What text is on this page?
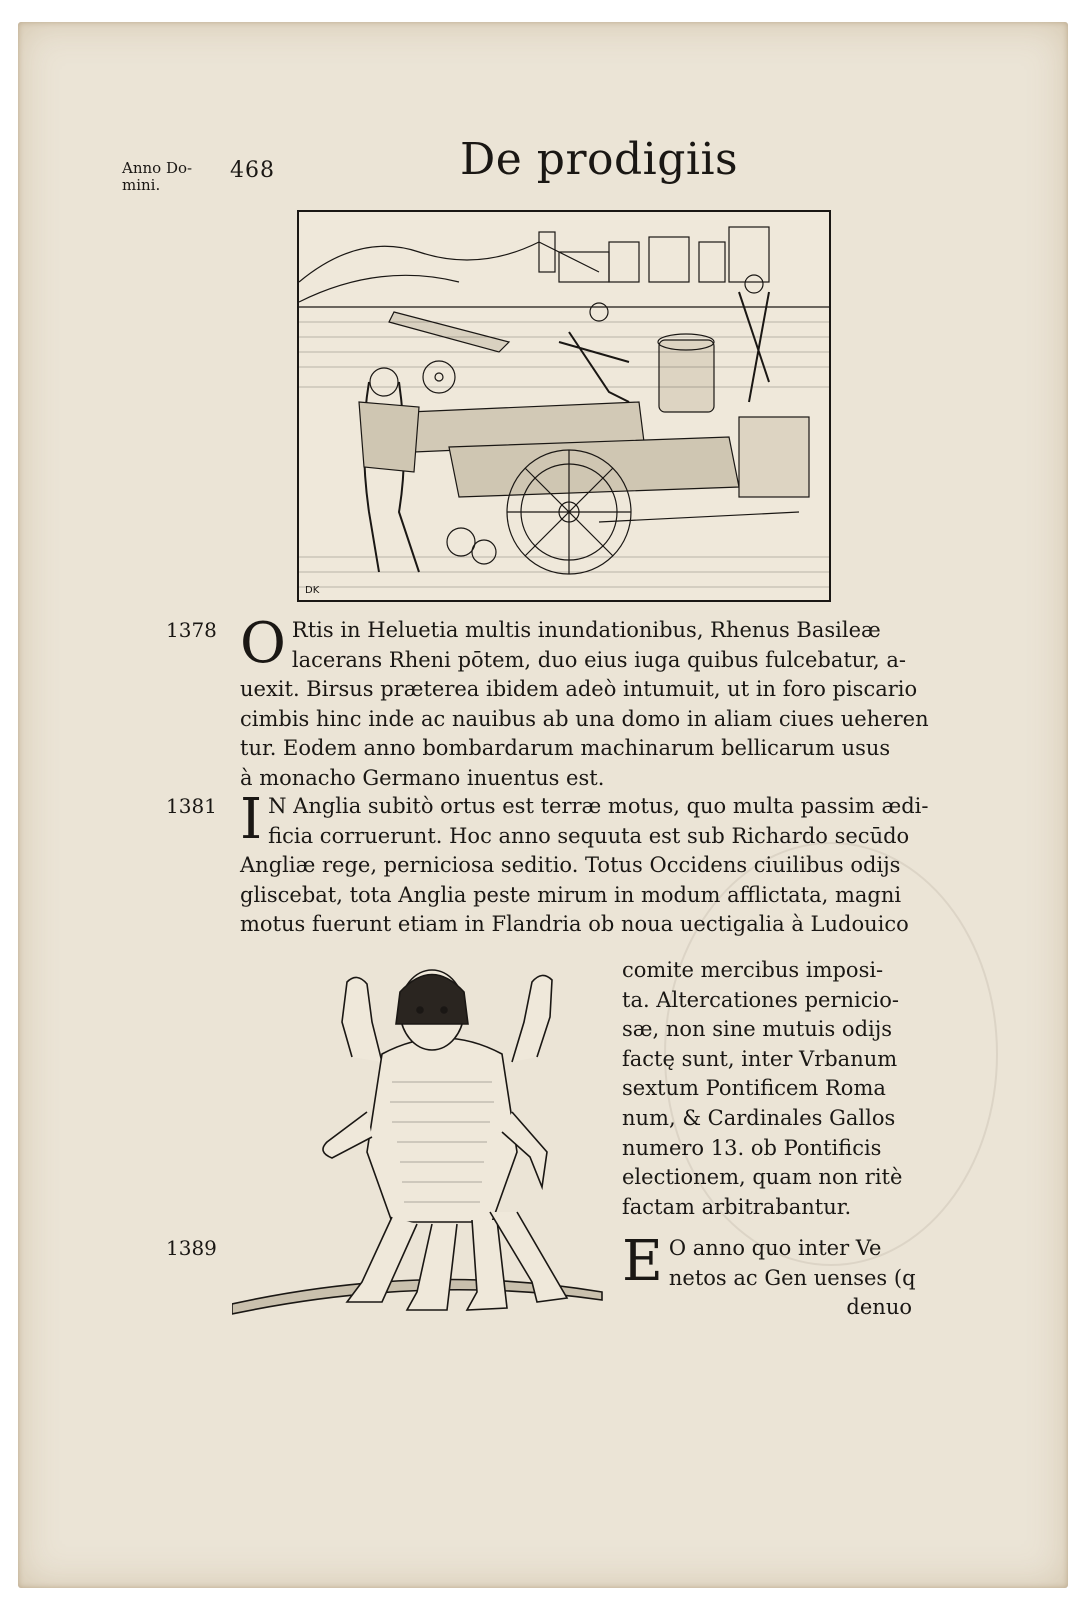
Anno Do-
mini.
468	De prodigiis
DK
1378 O Rtis in Heluetia multis inundationibus, Rhenus Basileæ

lacerans Rheni pōtem, duo eius iuga quibus fulcebatur, a-

uexit. Birsus præterea ibidem adeò intumuit, ut in foro piscario

cimbis hinc inde ac nauibus ab una domo in aliam ciues ueheren

tur. Eodem anno bombardarum machinarum bellicarum usus

à monacho Germano inuentus est.

1381 I N Anglia subitò ortus est terræ motus, quo multa passim ædi-

ficia corruerunt. Hoc anno sequuta est sub Richardo secūdo

Angliæ rege, perniciosa seditio. Totus Occidens ciuilibus odijs

gliscebat, tota Anglia peste mirum in modum afflictata, magni

motus fuerunt etiam in Flandria ob noua uectigalia à Ludouico

comite mercibus imposi-

ta. Altercationes pernicio-

sæ, non sine mutuis odijs

factę sunt, inter Vrbanum

sextum Pontificem Roma

num, & Cardinales Gallos

numero 13. ob Pontificis

electionem, quam non ritè

factam arbitrabantur.

1389	E O anno quo inter Ve

netos ac Gen uenses (q

denuo
